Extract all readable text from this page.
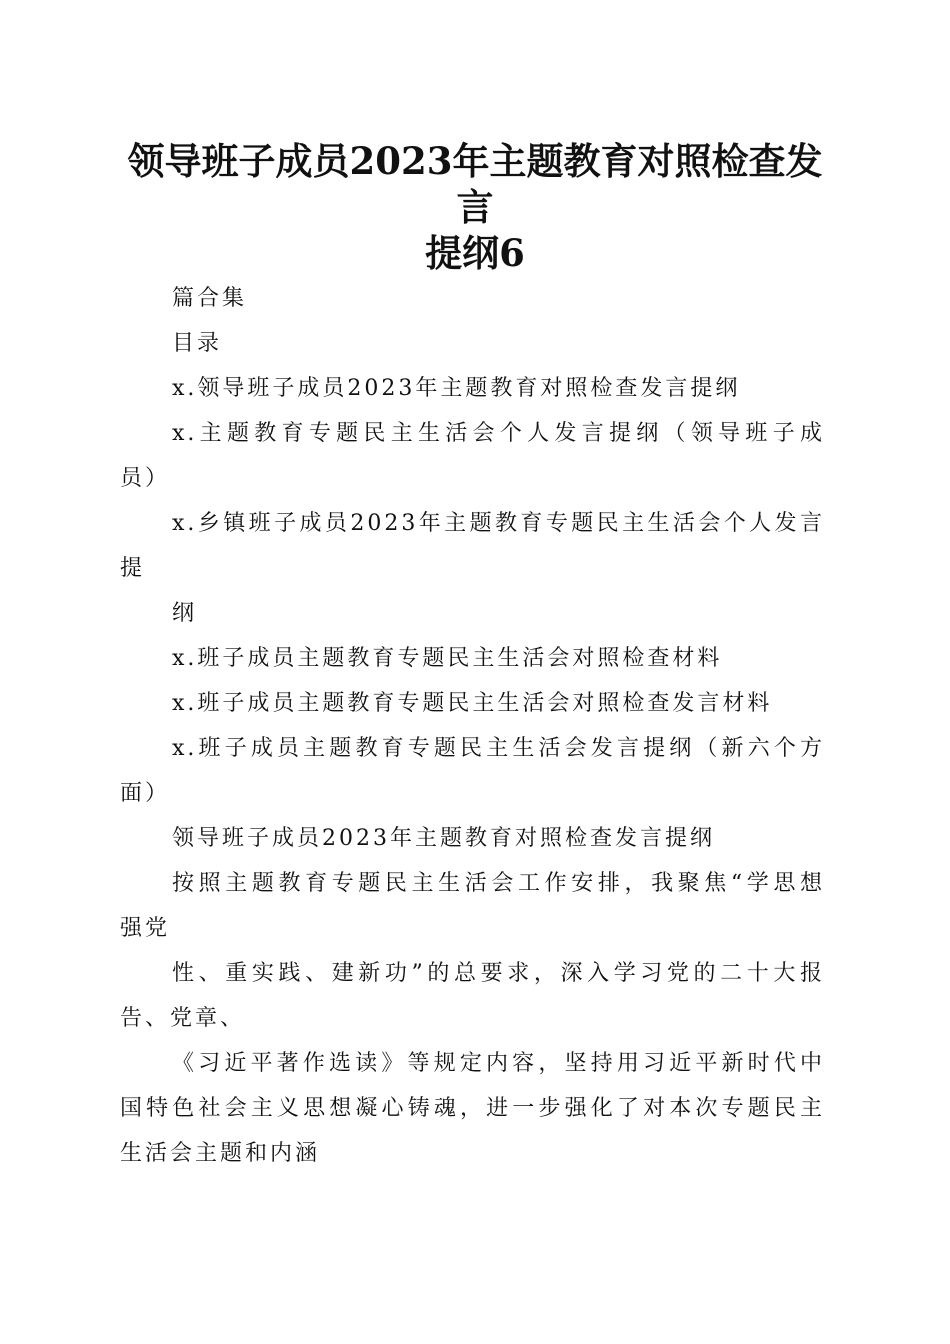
领导班子成员2023年主题教育对照检查发言
提纲6

篇合集

目录

x.领导班子成员2023年主题教育对照检查发言提纲

x.主题教育专题民主生活会个人发言提纲（领导班子成

员）

x.乡镇班子成员2023年主题教育专题民主生活会个人发言

提

纲

x.班子成员主题教育专题民主生活会对照检查材料

x.班子成员主题教育专题民主生活会对照检查发言材料

x.班子成员主题教育专题民主生活会发言提纲（新六个方

面）

领导班子成员2023年主题教育对照检查发言提纲

按照主题教育专题民主生活会工作安排，我聚焦“学思想

强党

性、重实践、建新功”的总要求，深入学习党的二十大报

告、党章、

《习近平著作选读》等规定内容，坚持用习近平新时代中

国特色社会主义思想凝心铸魂，进一步强化了对本次专题民主

生活会主题和内涵
